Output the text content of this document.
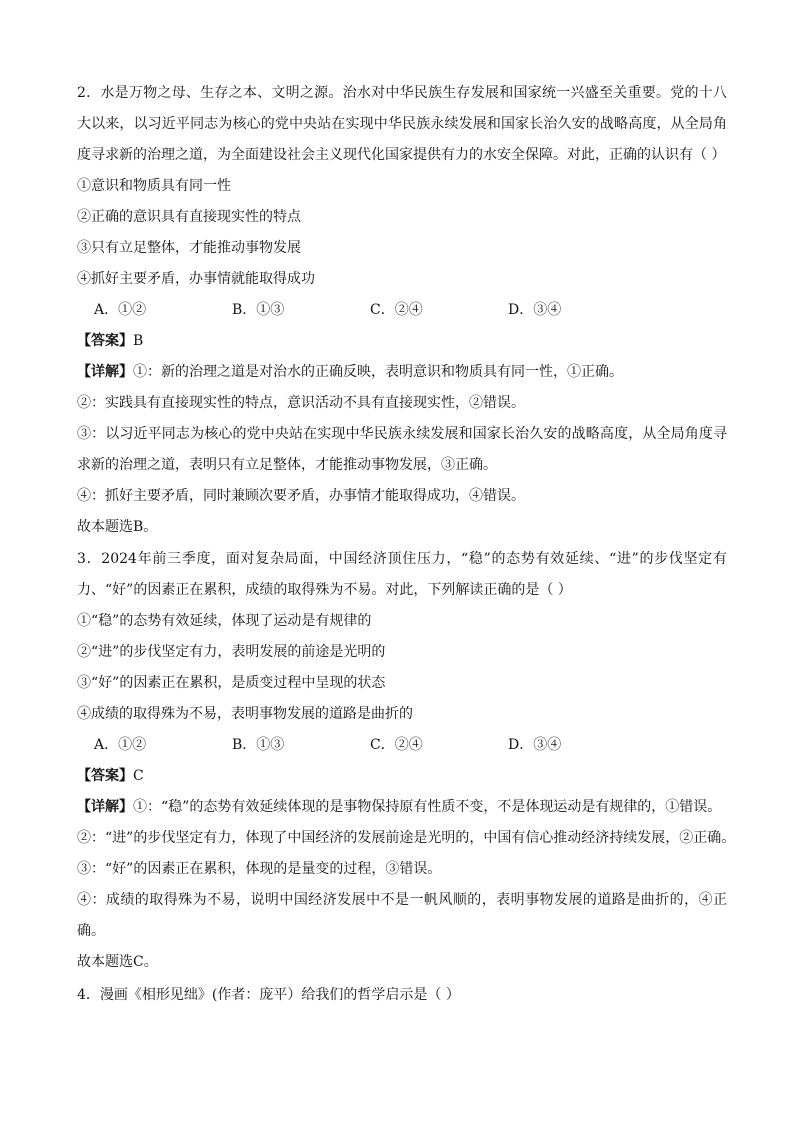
2．水是万物之母、生存之本、文明之源。治水对中华民族生存发展和国家统一兴盛至关重要。党的十八大以来，以习近平同志为核心的党中央站在实现中华民族永续发展和国家长治久安的战略高度，从全局角度寻求新的治理之道，为全面建设社会主义现代化国家提供有力的水安全保障。对此，正确的认识有（ ）
①意识和物质具有同一性
②正确的意识具有直接现实性的特点
③只有立足整体，才能推动事物发展
④抓好主要矛盾，办事情就能取得成功
A．①②	B．①③	C．②④	D．③④
【答案】B
【详解】①：新的治理之道是对治水的正确反映，表明意识和物质具有同一性，①正确。
②：实践具有直接现实性的特点，意识活动不具有直接现实性，②错误。
③：以习近平同志为核心的党中央站在实现中华民族永续发展和国家长治久安的战略高度，从全局角度寻求新的治理之道，表明只有立足整体，才能推动事物发展，③正确。
④：抓好主要矛盾，同时兼顾次要矛盾，办事情才能取得成功，④错误。
故本题选B。
3．2024年前三季度，面对复杂局面，中国经济顶住压力，“稳”的态势有效延续、“进”的步伐坚定有力、“好”的因素正在累积，成绩的取得殊为不易。对此，下列解读正确的是（ ）
①“稳”的态势有效延续，体现了运动是有规律的
②“进”的步伐坚定有力，表明发展的前途是光明的
③“好”的因素正在累积，是质变过程中呈现的状态
④成绩的取得殊为不易，表明事物发展的道路是曲折的
A．①②	B．①③	C．②④	D．③④
【答案】C
【详解】①：“稳”的态势有效延续体现的是事物保持原有性质不变，不是体现运动是有规律的，①错误。
②：“进”的步伐坚定有力，体现了中国经济的发展前途是光明的，中国有信心推动经济持续发展，②正确。
③：“好”的因素正在累积，体现的是量变的过程，③错误。
④：成绩的取得殊为不易，说明中国经济发展中不是一帆风顺的，表明事物发展的道路是曲折的，④正确。
故本题选C。
4．漫画《相形见绌》(作者：庞平）给我们的哲学启示是（ ）
